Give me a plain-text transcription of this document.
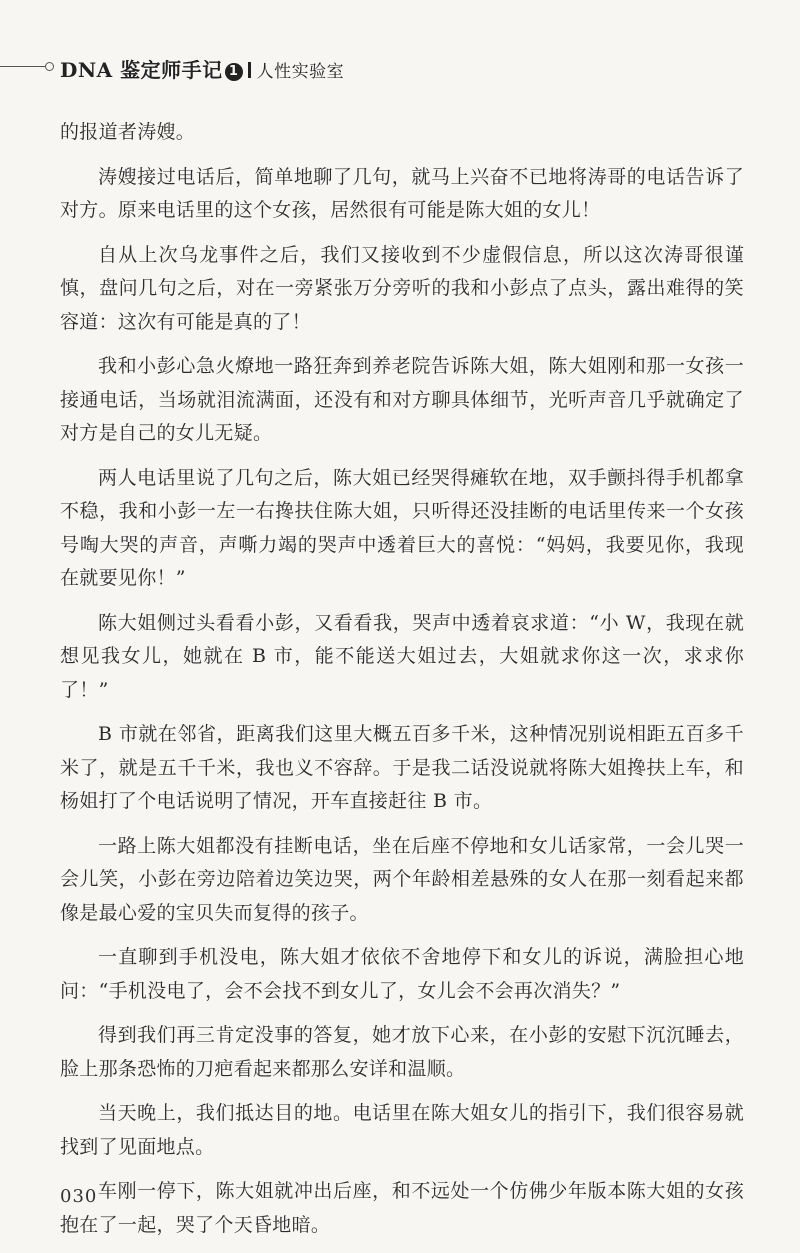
DNA 鉴定师手记 1 人性实验室

的报道者涛嫂。

涛嫂接过电话后，简单地聊了几句，就马上兴奋不已地将涛哥的电话告诉了对方。原来电话里的这个女孩，居然很有可能是陈大姐的女儿！

自从上次乌龙事件之后，我们又接收到不少虚假信息，所以这次涛哥很谨慎，盘问几句之后，对在一旁紧张万分旁听的我和小彭点了点头，露出难得的笑容道：这次有可能是真的了！

我和小彭心急火燎地一路狂奔到养老院告诉陈大姐，陈大姐刚和那一女孩一接通电话，当场就泪流满面，还没有和对方聊具体细节，光听声音几乎就确定了对方是自己的女儿无疑。

两人电话里说了几句之后，陈大姐已经哭得瘫软在地，双手颤抖得手机都拿不稳，我和小彭一左一右搀扶住陈大姐，只听得还没挂断的电话里传来一个女孩号啕大哭的声音，声嘶力竭的哭声中透着巨大的喜悦：“妈妈，我要见你，我现在就要见你！”

陈大姐侧过头看看小彭，又看看我，哭声中透着哀求道：“小 W，我现在就想见我女儿，她就在 B 市，能不能送大姐过去，大姐就求你这一次，求求你了！”

B 市就在邻省，距离我们这里大概五百多千米，这种情况别说相距五百多千米了，就是五千千米，我也义不容辞。于是我二话没说就将陈大姐搀扶上车，和杨姐打了个电话说明了情况，开车直接赶往 B 市。

一路上陈大姐都没有挂断电话，坐在后座不停地和女儿话家常，一会儿哭一会儿笑，小彭在旁边陪着边笑边哭，两个年龄相差悬殊的女人在那一刻看起来都像是最心爱的宝贝失而复得的孩子。

一直聊到手机没电，陈大姐才依依不舍地停下和女儿的诉说，满脸担心地问：“手机没电了，会不会找不到女儿了，女儿会不会再次消失？”

得到我们再三肯定没事的答复，她才放下心来，在小彭的安慰下沉沉睡去，脸上那条恐怖的刀疤看起来都那么安详和温顺。

当天晚上，我们抵达目的地。电话里在陈大姐女儿的指引下，我们很容易就找到了见面地点。

车刚一停下，陈大姐就冲出后座，和不远处一个仿佛少年版本陈大姐的女孩抱在了一起，哭了个天昏地暗。

030
